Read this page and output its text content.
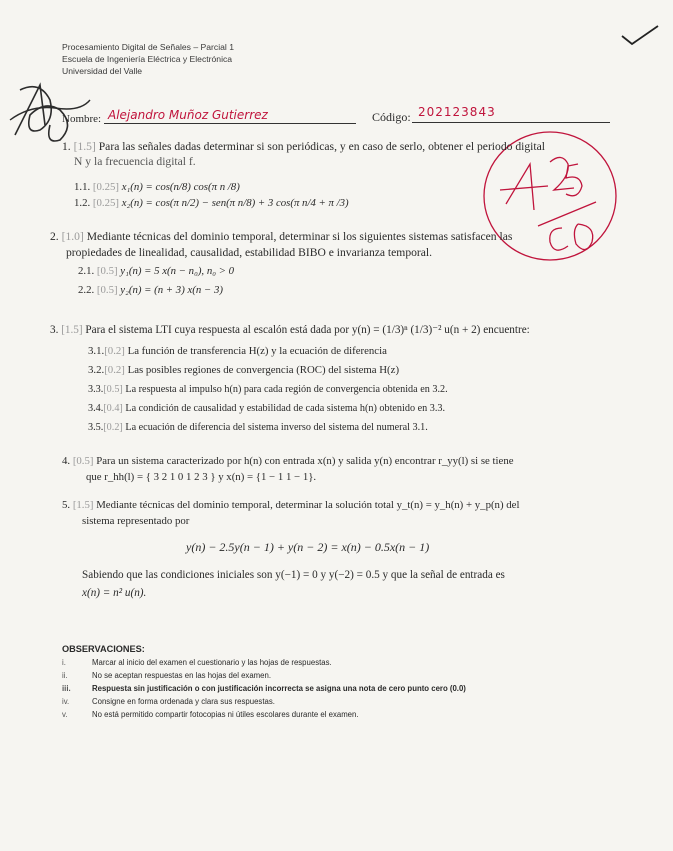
Procesamiento Digital de Señales – Parcial 1
Escuela de Ingeniería Eléctrica y Electrónica
Universidad del Valle
Nombre: Alejandro Muñoz Gutierrez	Código: 202123843
1. [1.5] Para las señales dadas determinar si son periódicas, y en caso de serlo, obtener el periodo digital
N y la frecuencia digital f.
1.1. [0.25] x₁(n) = cos(n/8) cos(π n /8)
1.2. [0.25] x₂(n) = cos(π n/2) − sen(π n/8) + 3 cos(π n/4 + π /3)
2. [1.0] Mediante técnicas del dominio temporal, determinar si los siguientes sistemas satisfacen las
propiedades de linealidad, causalidad, estabilidad BIBO e invarianza temporal.
2.1. [0.5] y₁(n) = 5 x(n − n₀), n₀ > 0
2.2. [0.5] y₂(n) = (n + 3) x(n − 3)
3. [1.5] Para el sistema LTI cuya respuesta al escalón está dada por y(n) = (1/3)ⁿ (1/3)⁻² u(n + 2) encuentre:
3.1.[0.2] La función de transferencia H(z) y la ecuación de diferencia
3.2.[0.2] Las posibles regiones de convergencia (ROC) del sistema H(z)
3.3.[0.5] La respuesta al impulso h(n) para cada región de convergencia obtenida en 3.2.
3.4.[0.4] La condición de causalidad y estabilidad de cada sistema h(n) obtenido en 3.3.
3.5.[0.2] La ecuación de diferencia del sistema inverso del sistema del numeral 3.1.
4. [0.5] Para un sistema caracterizado por h(n) con entrada x(n) y salida y(n) encontrar r_yy(l) si se tiene
que r_hh(l) = { 3 2 1 0 1 2 3 } y x(n) = {1 − 1 1 − 1}.
5. [1.5] Mediante técnicas del dominio temporal, determinar la solución total y_t(n) = y_h(n) + y_p(n) del
sistema representado por
y(n) − 2.5y(n − 1) + y(n − 2) = x(n) − 0.5x(n − 1)
Sabiendo que las condiciones iniciales son y(−1) = 0 y y(−2) = 0.5 y que la señal de entrada es
x(n) = n² u(n).
OBSERVACIONES:
i.	Marcar al inicio del examen el cuestionario y las hojas de respuestas.
ii.	No se aceptan respuestas en las hojas del examen.
iii.	Respuesta sin justificación o con justificación incorrecta se asigna una nota de cero punto cero (0.0)
iv.	Consigne en forma ordenada y clara sus respuestas.
v.	No está permitido compartir fotocopias ni útiles escolares durante el examen.
